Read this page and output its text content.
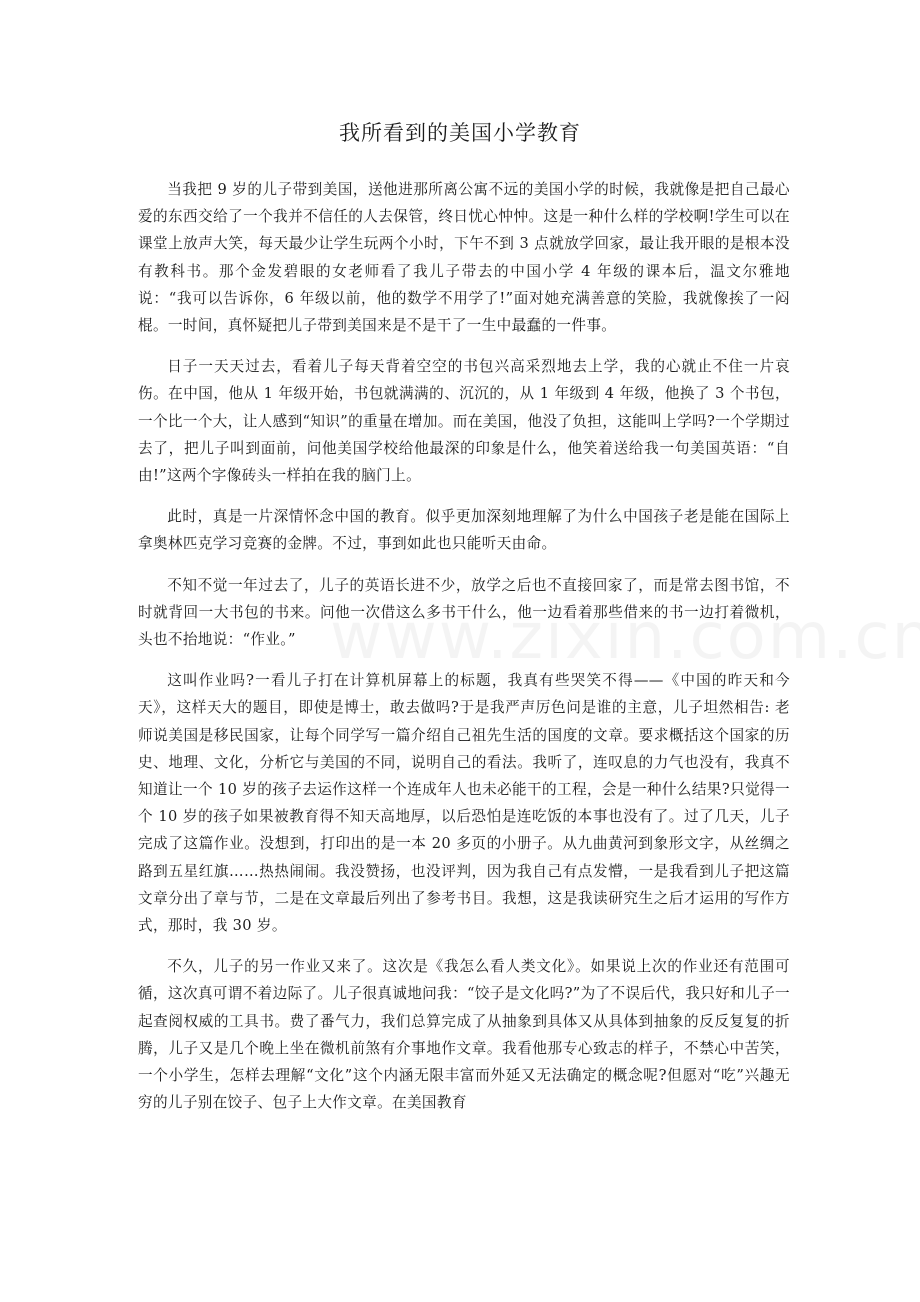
我所看到的美国小学教育

当我把 9 岁的儿子带到美国，送他进那所离公寓不远的美国小学的时候，我就像是把自己最心爱的东西交给了一个我并不信任的人去保管，终日忧心忡忡。这是一种什么样的学校啊!学生可以在课堂上放声大笑，每天最少让学生玩两个小时，下午不到 3 点就放学回家，最让我开眼的是根本没有教科书。那个金发碧眼的女老师看了我儿子带去的中国小学 4 年级的课本后，温文尔雅地说：“我可以告诉你，6 年级以前，他的数学不用学了!”面对她充满善意的笑脸，我就像挨了一闷棍。一时间，真怀疑把儿子带到美国来是不是干了一生中最蠢的一件事。

日子一天天过去，看着儿子每天背着空空的书包兴高采烈地去上学，我的心就止不住一片哀伤。在中国，他从 1 年级开始，书包就满满的、沉沉的，从 1 年级到 4 年级，他换了 3 个书包，一个比一个大，让人感到“知识”的重量在增加。而在美国，他没了负担，这能叫上学吗?一个学期过去了，把儿子叫到面前，问他美国学校给他最深的印象是什么，他笑着送给我一句美国英语：“自由!”这两个字像砖头一样拍在我的脑门上。

此时，真是一片深情怀念中国的教育。似乎更加深刻地理解了为什么中国孩子老是能在国际上拿奥林匹克学习竞赛的金牌。不过，事到如此也只能听天由命。

不知不觉一年过去了，儿子的英语长进不少，放学之后也不直接回家了，而是常去图书馆，不时就背回一大书包的书来。问他一次借这么多书干什么，他一边看着那些借来的书一边打着微机，头也不抬地说：“作业。”

这叫作业吗?一看儿子打在计算机屏幕上的标题，我真有些哭笑不得——《中国的昨天和今天》，这样天大的题目，即使是博士，敢去做吗?于是我严声厉色问是谁的主意，儿子坦然相告: 老师说美国是移民国家，让每个同学写一篇介绍自己祖先生活的国度的文章。要求概括这个国家的历史、地理、文化，分析它与美国的不同，说明自己的看法。我听了，连叹息的力气也没有，我真不知道让一个 10 岁的孩子去运作这样一个连成年人也未必能干的工程，会是一种什么结果?只觉得一个 10 岁的孩子如果被教育得不知天高地厚，以后恐怕是连吃饭的本事也没有了。过了几天，儿子完成了这篇作业。没想到，打印出的是一本 20 多页的小册子。从九曲黄河到象形文字，从丝绸之路到五星红旗……热热闹闹。我没赞扬，也没评判，因为我自己有点发懵，一是我看到儿子把这篇文章分出了章与节，二是在文章最后列出了参考书目。我想，这是我读研究生之后才运用的写作方式，那时，我 30 岁。

不久，儿子的另一作业又来了。这次是《我怎么看人类文化》。如果说上次的作业还有范围可循，这次真可谓不着边际了。儿子很真诚地问我：“饺子是文化吗?”为了不误后代，我只好和儿子一起查阅权威的工具书。费了番气力，我们总算完成了从抽象到具体又从具体到抽象的反反复复的折腾，儿子又是几个晚上坐在微机前煞有介事地作文章。我看他那专心致志的样子，不禁心中苦笑，一个小学生，怎样去理解“文化”这个内涵无限丰富而外延又无法确定的概念呢?但愿对“吃”兴趣无穷的儿子别在饺子、包子上大作文章。在美国教育
